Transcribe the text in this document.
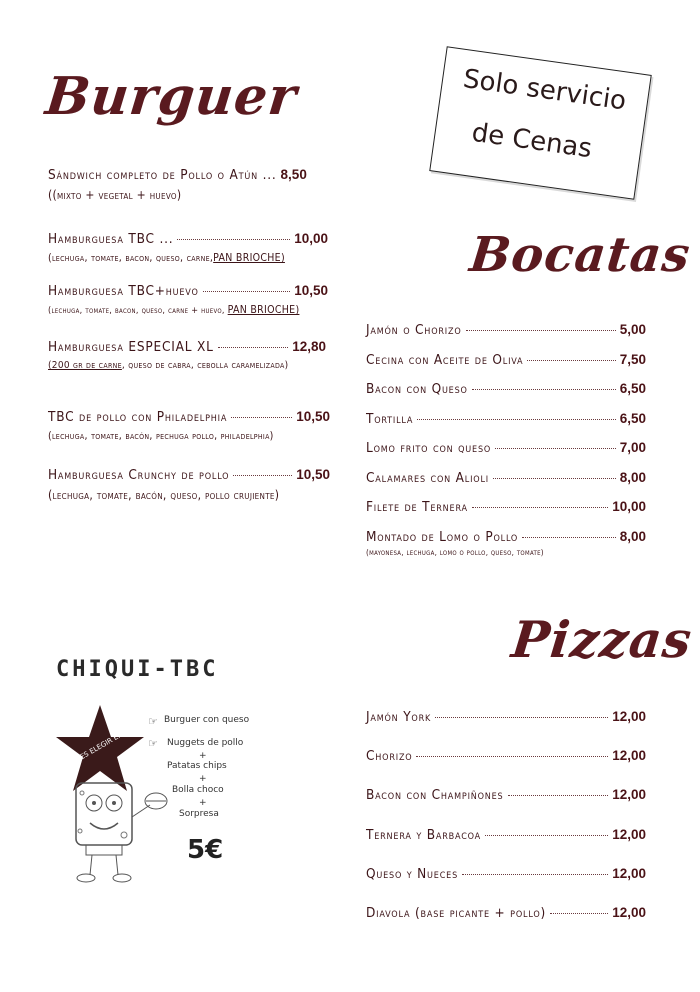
Burguer
Sándwich completo de Pollo o Atún ... 8,50
((mixto + vegetal + huevo)
Hamburguesa TBC ...	10,00
(lechuga, tomate, bacon, queso, carne,PAN BRIOCHE)
Hamburguesa TBC+huevo	10,50
(lechuga, tomate, bacon, queso, carne + huevo, PAN BRIOCHE)
Hamburguesa ESPECIAL XL	12,80
(200 gr de carne, queso de cabra, cebolla caramelizada)
TBC de pollo con Philadelphia	10,50
(lechuga, tomate, bacón, pechuga pollo, philadelphia)
Hamburguesa Crunchy de pollo	10,50
(lechuga, tomate, bacón, queso, pollo crujiente)
Solo servicio
de Cenas
Bocatas
Jamón o Chorizo	5,00
Cecina con Aceite de Oliva	7,50
Bacon con Queso	6,50
Tortilla	6,50
Lomo frito con queso	7,00
Calamares con Alioli	8,00
Filete de Ternera	10,00
Montado de Lomo o Pollo	8,00
(mayonesa, lechuga, lomo o pollo, queso, tomate)
Pizzas
Jamón York	12,00
Chorizo	12,00
Bacon con Champiñones	12,00
Ternera y Barbacoa	12,00
Queso y Nueces	12,00
Diavola (base picante + pollo)	12,00
CHIQUI-TBC
PUEDES ELEGIR ENTRE
☞
☞
Burguer con queso
Nuggets de pollo
+
Patatas chips
+
Bolla choco
+
Sorpresa
5€
